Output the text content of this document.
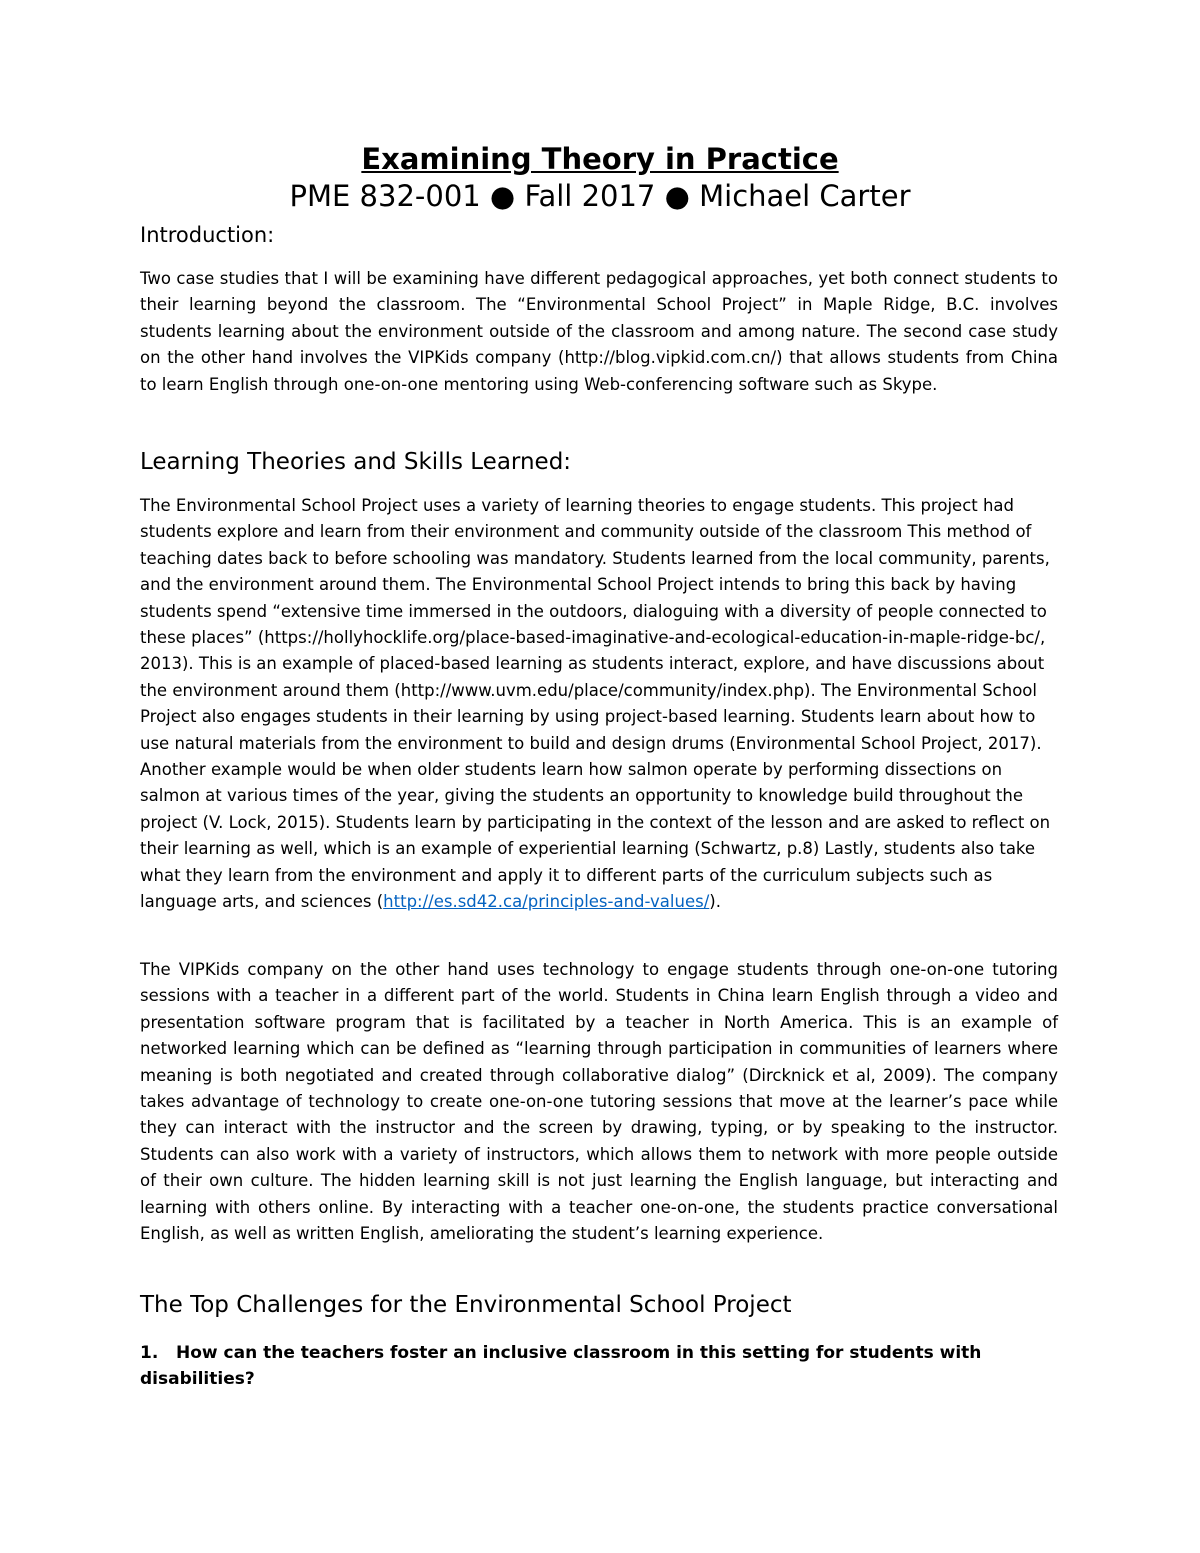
Examining Theory in Practice
PME 832-001 ● Fall 2017 ● Michael Carter
Introduction:

Two case studies that I will be examining have different pedagogical approaches, yet both connect students to their learning beyond the classroom. The “Environmental School Project” in Maple Ridge, B.C. involves students learning about the environment outside of the classroom and among nature. The second case study on the other hand involves the VIPKids company (http://blog.vipkid.com.cn/) that allows students from China to learn English through one-on-one mentoring using Web-conferencing software such as Skype.

Learning Theories and Skills Learned:

The Environmental School Project uses a variety of learning theories to engage students. This project had students explore and learn from their environment and community outside of the classroom This method of teaching dates back to before schooling was mandatory. Students learned from the local community, parents, and the environment around them. The Environmental School Project intends to bring this back by having students spend “extensive time immersed in the outdoors, dialoguing with a diversity of people connected to these places” (https://hollyhocklife.org/place-based-imaginative-and-ecological-education-in-maple-ridge-bc/, 2013). This is an example of placed-based learning as students interact, explore, and have discussions about the environment around them (http://www.uvm.edu/place/community/index.php). The Environmental School Project also engages students in their learning by using project-based learning. Students learn about how to use natural materials from the environment to build and design drums (Environmental School Project, 2017). Another example would be when older students learn how salmon operate by performing dissections on salmon at various times of the year, giving the students an opportunity to knowledge build throughout the project (V. Lock, 2015). Students learn by participating in the context of the lesson and are asked to reflect on their learning as well, which is an example of experiential learning (Schwartz, p.8) Lastly, students also take what they learn from the environment and apply it to different parts of the curriculum subjects such as language arts, and sciences (http://es.sd42.ca/principles-and-values/).

The VIPKids company on the other hand uses technology to engage students through one-on-one tutoring sessions with a teacher in a different part of the world. Students in China learn English through a video and presentation software program that is facilitated by a teacher in North America. This is an example of networked learning which can be defined as “learning through participation in communities of learners where meaning is both negotiated and created through collaborative dialog” (Dircknick et al, 2009). The company takes advantage of technology to create one-on-one tutoring sessions that move at the learner’s pace while they can interact with the instructor and the screen by drawing, typing, or by speaking to the instructor. Students can also work with a variety of instructors, which allows them to network with more people outside of their own culture. The hidden learning skill is not just learning the English language, but interacting and learning with others online. By interacting with a teacher one-on-one, the students practice conversational English, as well as written English, ameliorating the student’s learning experience.

The Top Challenges for the Environmental School Project
1. How can the teachers foster an inclusive classroom in this setting for students with disabilities?
